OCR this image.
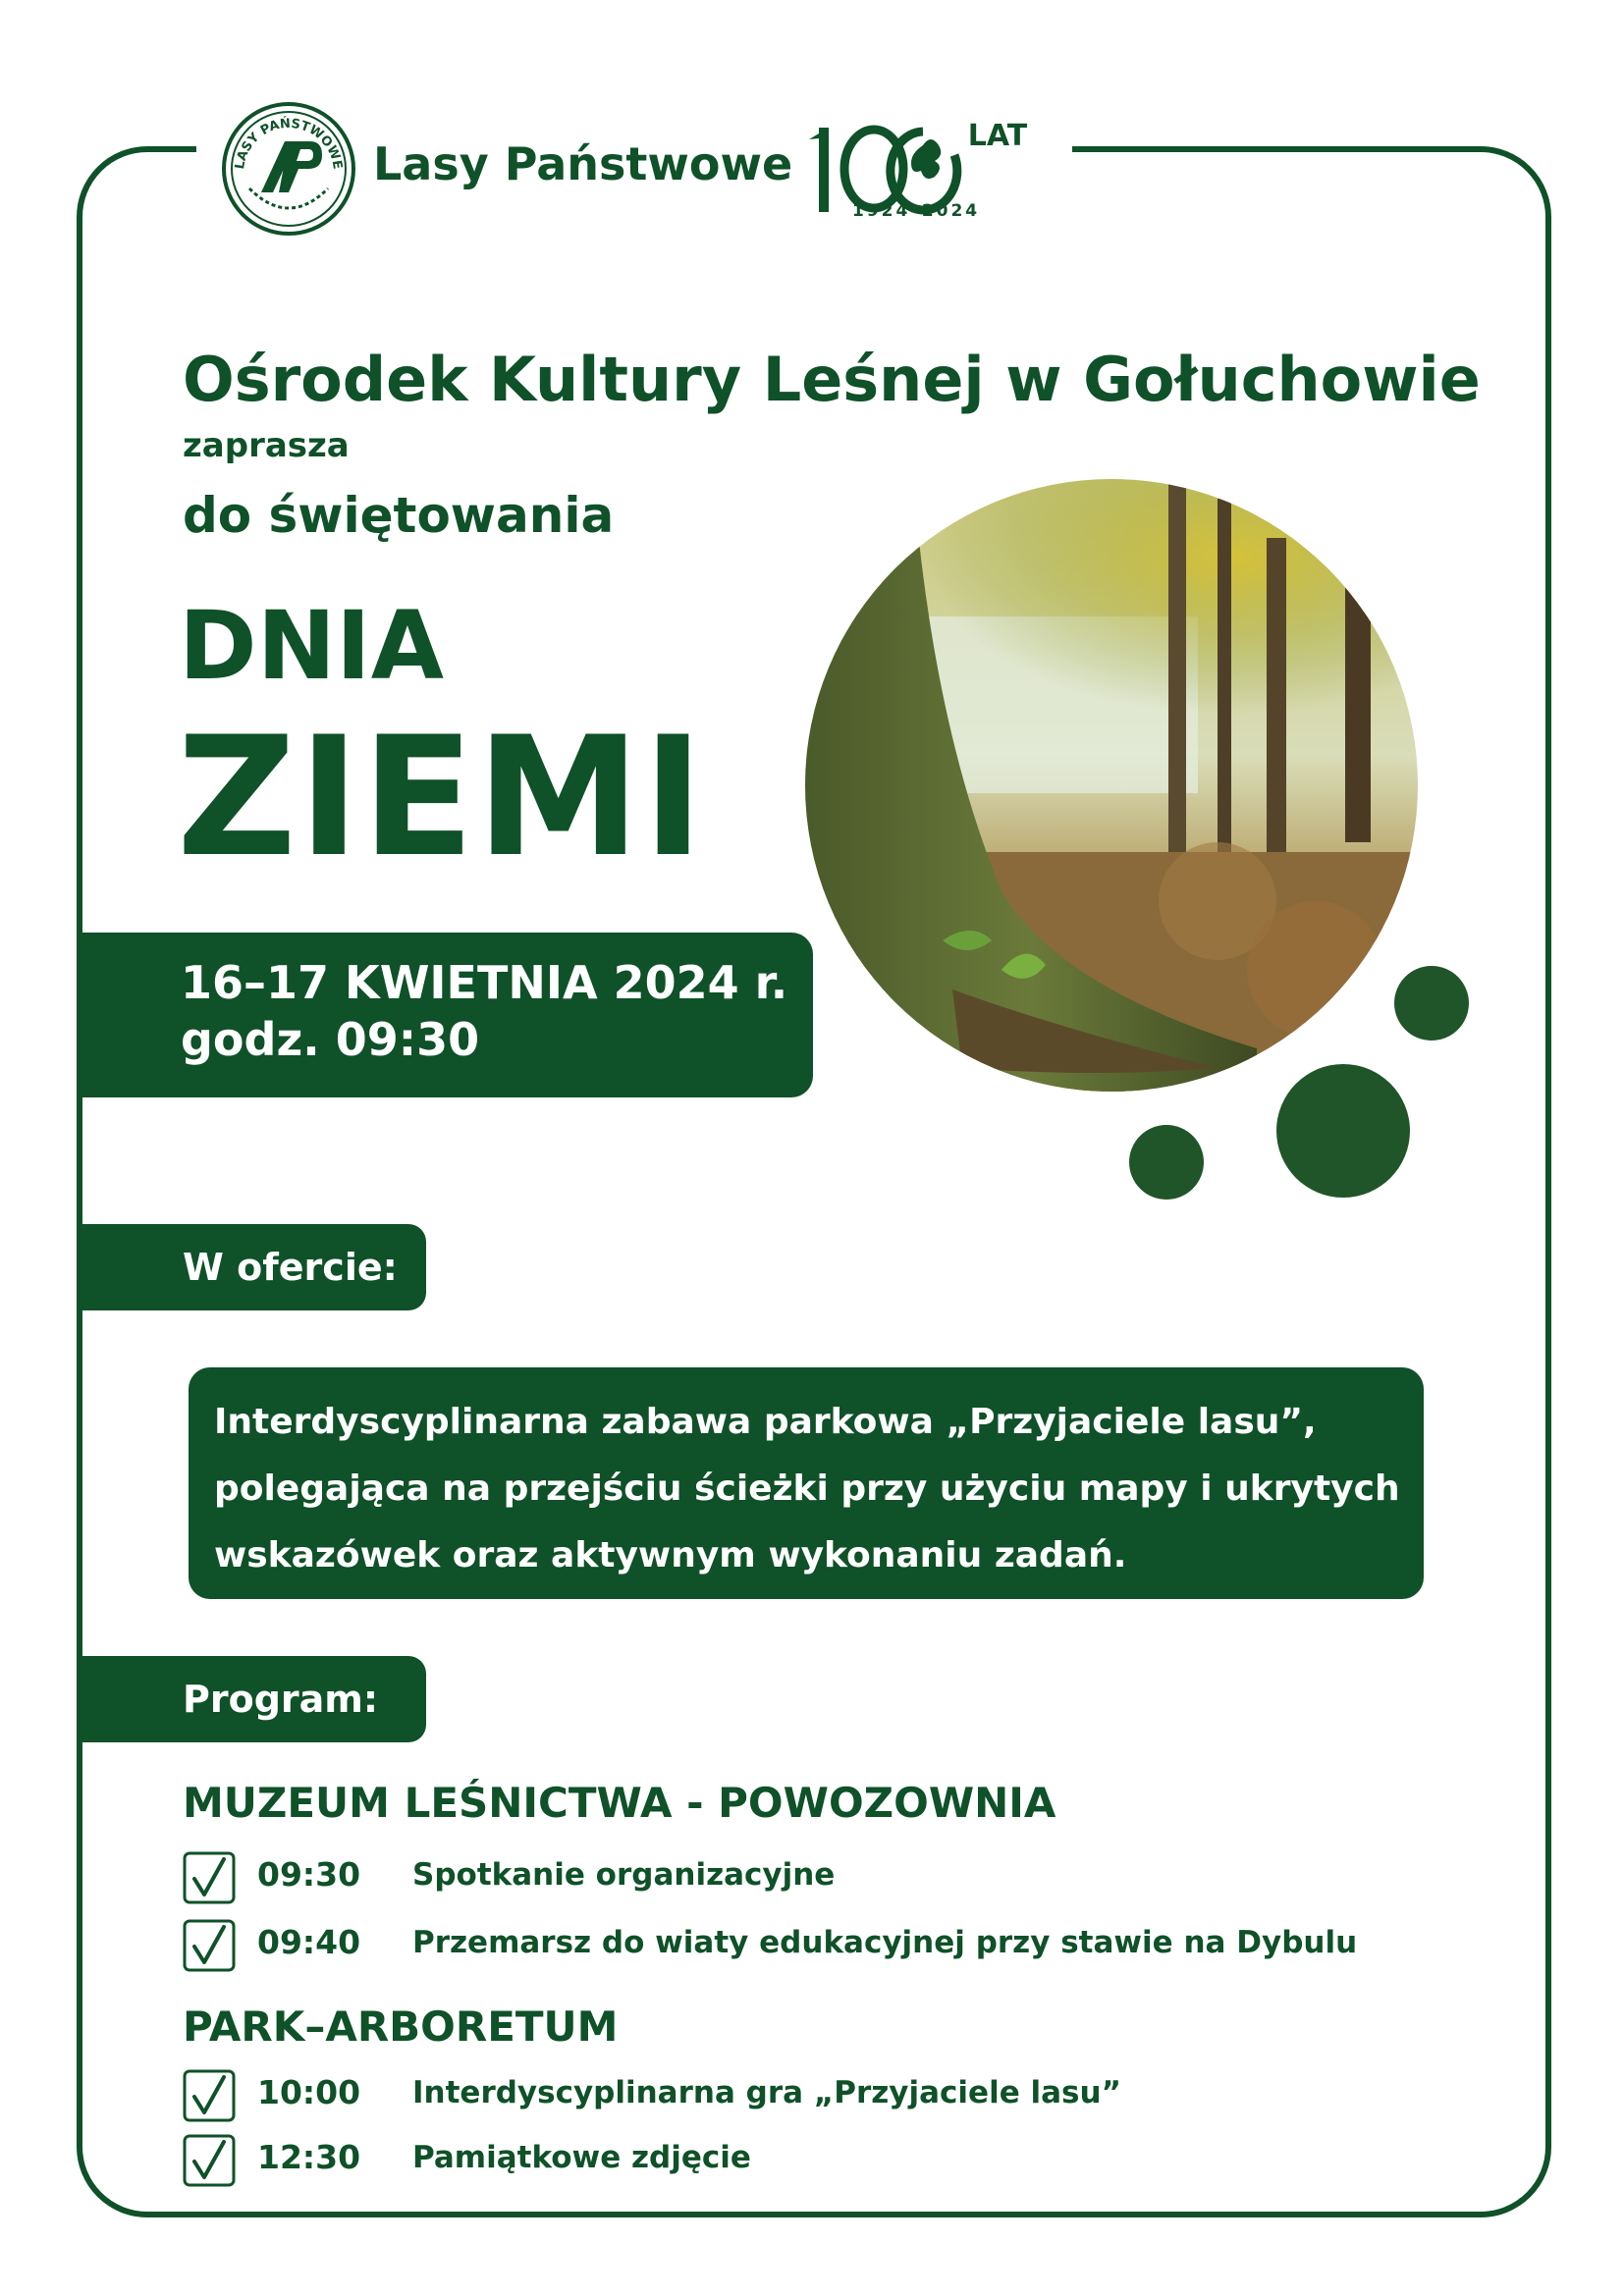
LASY PAŃSTWOWE Lasy Państwowe
LAT
1924–2024
Ośrodek Kultury Leśnej w Gołuchowie
zaprasza
do świętowania
DNIA
ZIEMI
16–17 KWIETNIA 2024 r.
godz. 09:30
W ofercie:
Interdyscyplinarna zabawa parkowa „Przyjaciele lasu”,
polegająca na przejściu ścieżki przy użyciu mapy i ukrytych
wskazówek oraz aktywnym wykonaniu zadań.
Program:
MUZEUM LEŚNICTWA - POWOZOWNIA
09:30 Spotkanie organizacyjne
09:40 Przemarsz do wiaty edukacyjnej przy stawie na Dybulu
PARK–ARBORETUM
10:00 Interdyscyplinarna gra „Przyjaciele lasu”
12:30 Pamiątkowe zdjęcie
